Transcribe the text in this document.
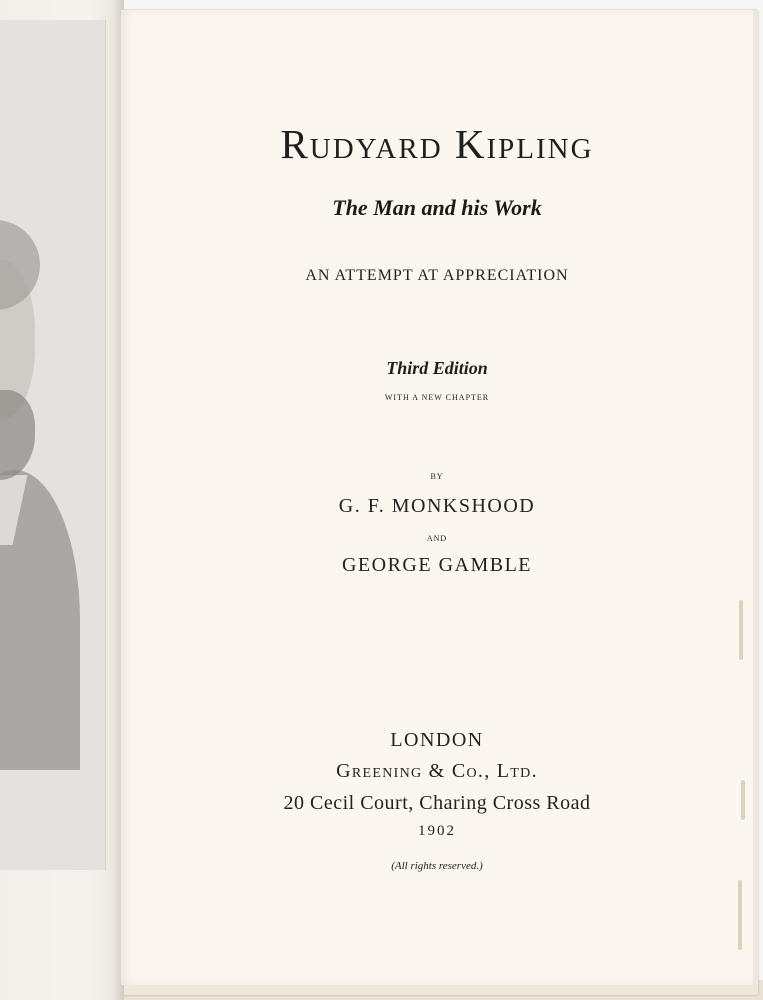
Rudyard Kipling

The Man and his Work

AN ATTEMPT AT APPRECIATION

Third Edition

WITH A NEW CHAPTER

BY

G. F. MONKSHOOD

AND

GEORGE GAMBLE

LONDON

Greening & Co., Ltd.

20 Cecil Court, Charing Cross Road

1902

(All rights reserved.)
